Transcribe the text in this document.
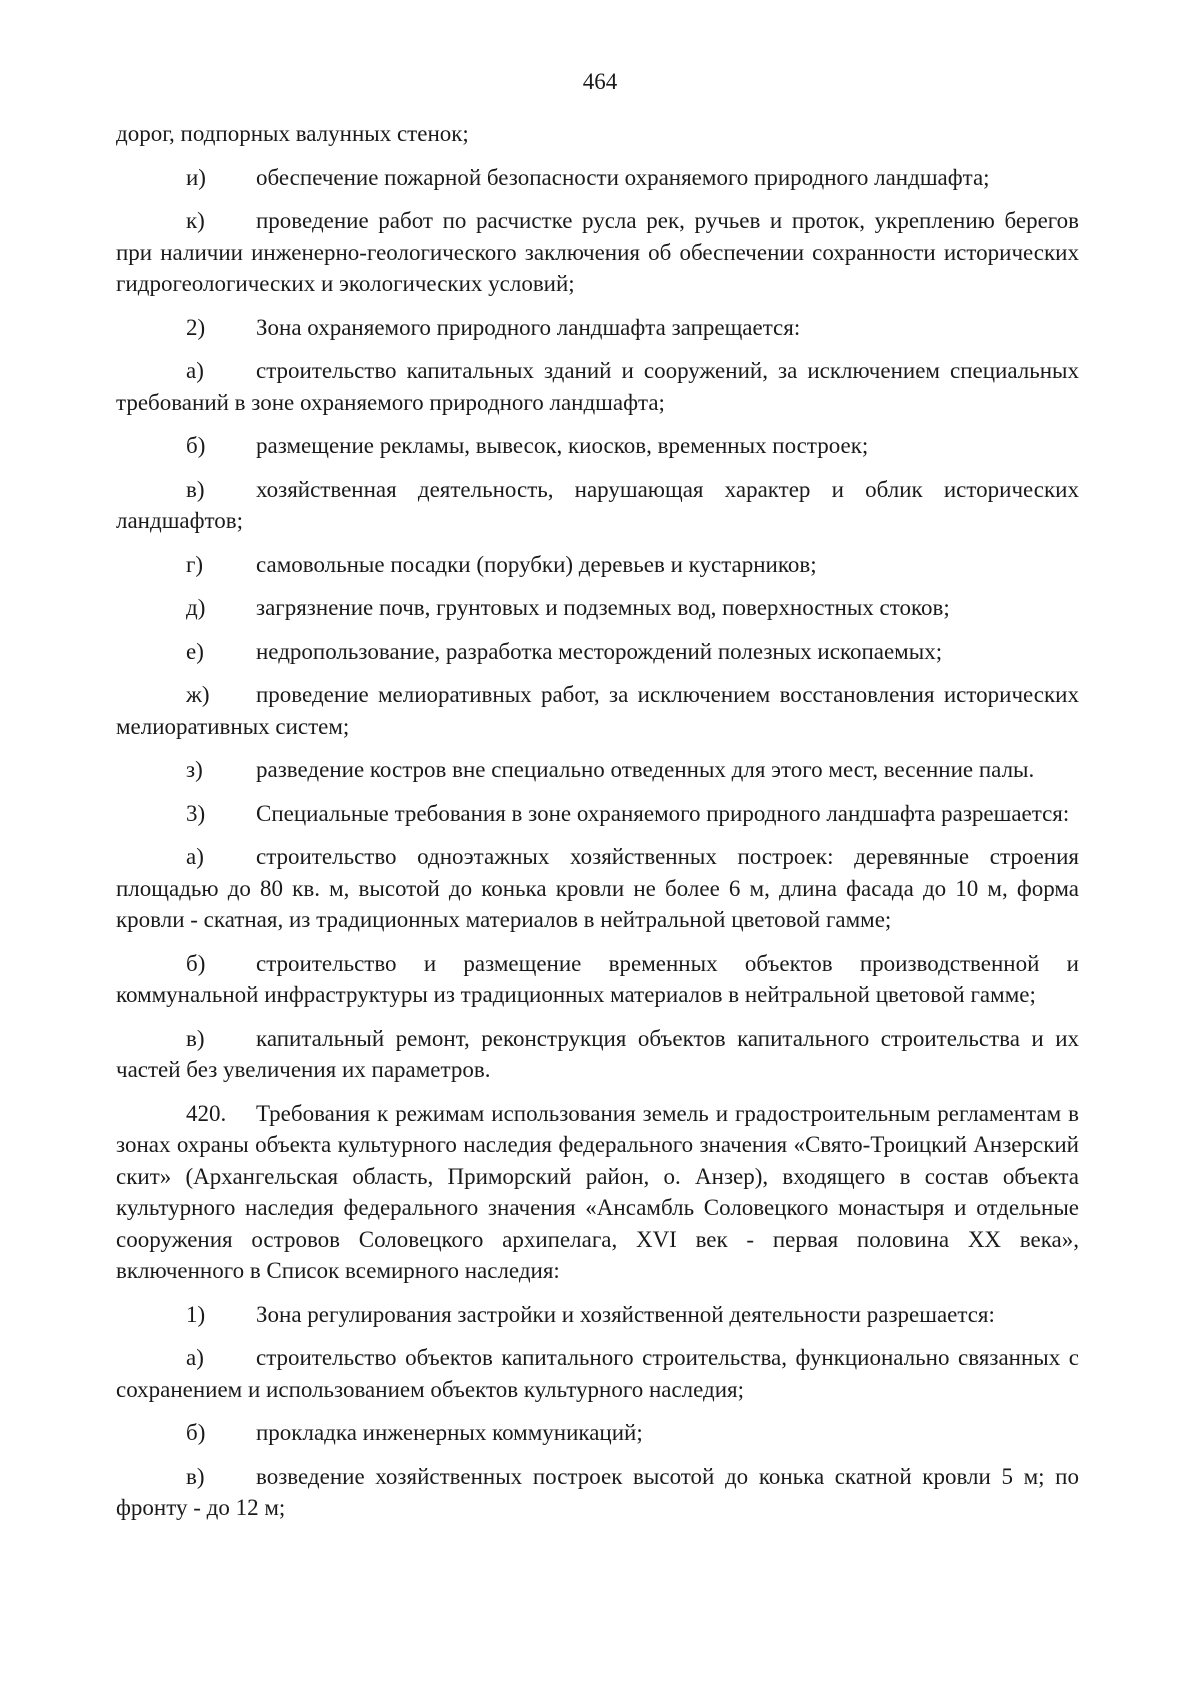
464

дорог, подпорных валунных стенок;

и) обеспечение пожарной безопасности охраняемого природного ландшафта;

к) проведение работ по расчистке русла рек, ручьев и проток, укреплению берегов при наличии инженерно-геологического заключения об обеспечении сохранности исторических гидрогеологических и экологических условий;

2) Зона охраняемого природного ландшафта запрещается:

а) строительство капитальных зданий и сооружений, за исключением специальных требований в зоне охраняемого природного ландшафта;

б) размещение рекламы, вывесок, киосков, временных построек;

в) хозяйственная деятельность, нарушающая характер и облик исторических ландшафтов;

г) самовольные посадки (порубки) деревьев и кустарников;

д) загрязнение почв, грунтовых и подземных вод, поверхностных стоков;

е) недропользование, разработка месторождений полезных ископаемых;

ж) проведение мелиоративных работ, за исключением восстановления исторических мелиоративных систем;

з) разведение костров вне специально отведенных для этого мест, весенние палы.

3) Специальные требования в зоне охраняемого природного ландшафта разрешается:

а) строительство одноэтажных хозяйственных построек: деревянные строения площадью до 80 кв. м, высотой до конька кровли не более 6 м, длина фасада до 10 м, форма кровли - скатная, из традиционных материалов в нейтральной цветовой гамме;

б) строительство и размещение временных объектов производственной и коммунальной инфраструктуры из традиционных материалов в нейтральной цветовой гамме;

в) капитальный ремонт, реконструкция объектов капитального строительства и их частей без увеличения их параметров.

420. Требования к режимам использования земель и градостроительным регламентам в зонах охраны объекта культурного наследия федерального значения «Свято-Троицкий Анзерский скит» (Архангельская область, Приморский район, о. Анзер), входящего в состав объекта культурного наследия федерального значения «Ансамбль Соловецкого монастыря и отдельные сооружения островов Соловецкого архипелага, XVI век - первая половина XX века», включенного в Список всемирного наследия:

1) Зона регулирования застройки и хозяйственной деятельности разрешается:

а) строительство объектов капитального строительства, функционально связанных с сохранением и использованием объектов культурного наследия;

б) прокладка инженерных коммуникаций;

в) возведение хозяйственных построек высотой до конька скатной кровли 5 м; по фронту - до 12 м;
